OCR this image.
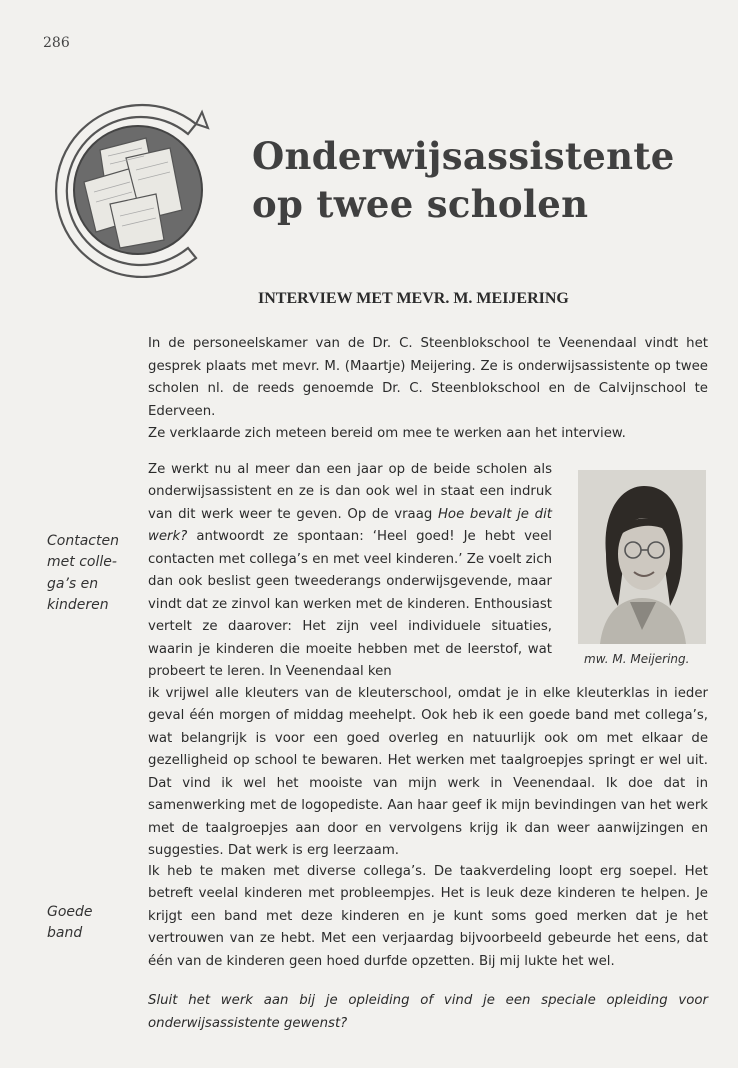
286
Onderwijsassistente
op twee scholen
INTERVIEW MET MEVR. M. MEIJERING

In de personeelskamer van de Dr. C. Steenblokschool te Veenendaal vindt het gesprek plaats met mevr. M. (Maartje) Meijering. Ze is onderwijsassistente op twee scholen nl. de reeds genoemde Dr. C. Steenblokschool en de Calvijnschool te Ederveen.

Ze verklaarde zich meteen bereid om mee te werken aan het interview.

Contacten
met colle-
ga’s en
kinderen
Goede
band
mw. M. Meijering.

Ze werkt nu al meer dan een jaar op de beide scholen als onderwijsassistent en ze is dan ook wel in staat een indruk van dit werk weer te geven. Op de vraag Hoe bevalt je dit werk? antwoordt ze spontaan: ‘Heel goed! Je hebt veel contacten met collega’s en met veel kinderen.’ Ze voelt zich dan ook beslist geen tweederangs onderwijsgevende, maar vindt dat ze zinvol kan werken met de kinderen. Enthousiast vertelt ze daarover: Het zijn veel individuele situaties, waarin je kinderen die moeite hebben met de leerstof, wat probeert te leren. In Veenendaal ken

ik vrijwel alle kleuters van de kleuterschool, omdat je in elke kleuterklas in ieder geval één morgen of middag meehelpt. Ook heb ik een goede band met collega’s, wat belangrijk is voor een goed overleg en natuurlijk ook om met elkaar de gezelligheid op school te bewaren. Het werken met taalgroepjes springt er wel uit. Dat vind ik wel het mooiste van mijn werk in Veenendaal. Ik doe dat in samenwerking met de logopediste. Aan haar geef ik mijn bevindingen van het werk met de taalgroepjes aan door en vervolgens krijg ik dan weer aanwijzingen en suggesties. Dat werk is erg leerzaam.

Ik heb te maken met diverse collega’s. De taakverdeling loopt erg soepel. Het betreft veelal kinderen met probleempjes. Het is leuk deze kinderen te helpen. Je krijgt een band met deze kinderen en je kunt soms goed merken dat je het vertrouwen van ze hebt. Met een verjaardag bijvoorbeeld gebeurde het eens, dat één van de kinderen geen hoed durfde opzetten. Bij mij lukte het wel.

Sluit het werk aan bij je opleiding of vind je een speciale opleiding voor onderwijsassistente gewenst?
